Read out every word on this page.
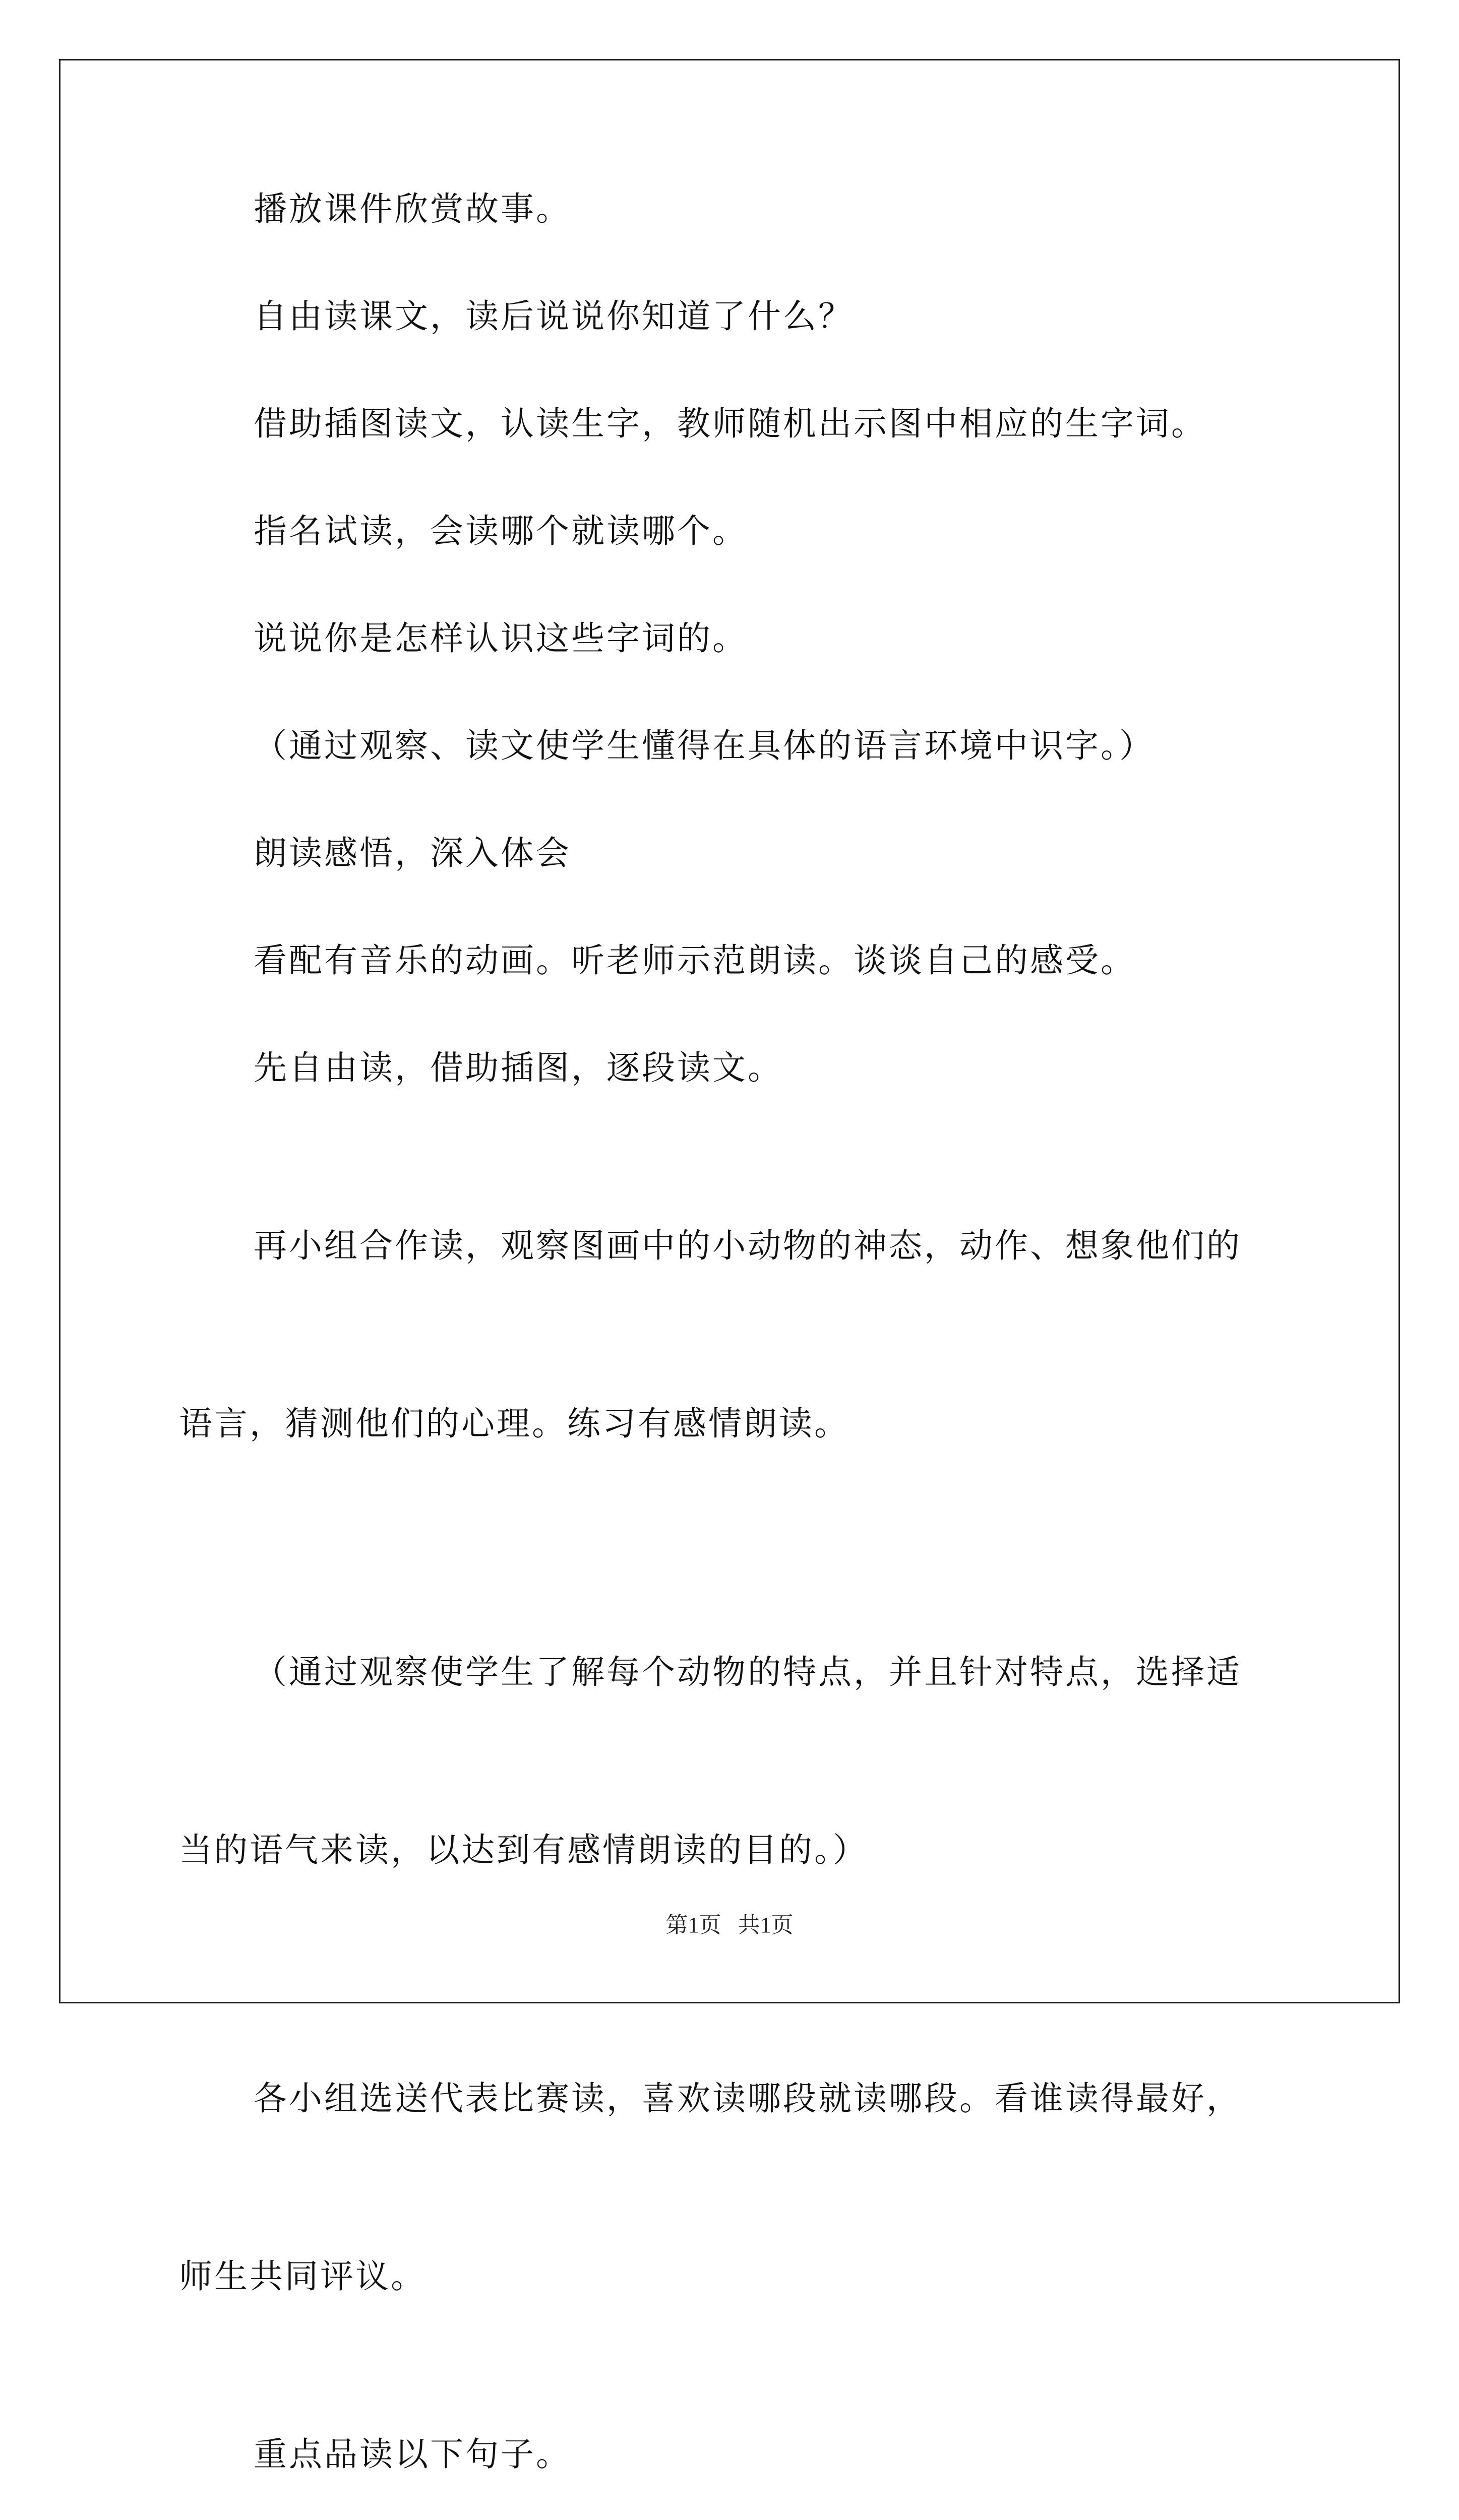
播放课件欣赏故事。

自由读课文，读后说说你知道了什么？

借助插图读文，认读生字，教师随机出示图中相应的生字词。

指名试读，会读哪个就读哪个。

说说你是怎样认识这些字词的。

（通过观察、读文使学生懂得在具体的语言环境中识字。）

朗读感悟，深入体会

看配有音乐的动画。听老师示范朗读。谈谈自己的感受。

先自由读，借助插图，逐段读文。

再小组合作读，观察图画中的小动物的神态，动作、想象他们的

语言，猜测他们的心理。练习有感情朗读。

（通过观察使学生了解每个动物的特点，并且针对特点，选择适

当的语气来读，以达到有感情朗读的目的。）

各小组选送代表比赛读，喜欢读哪段就读哪段。看谁读得最好，

师生共同评议。

重点品读以下句子。

第1页   共1页
